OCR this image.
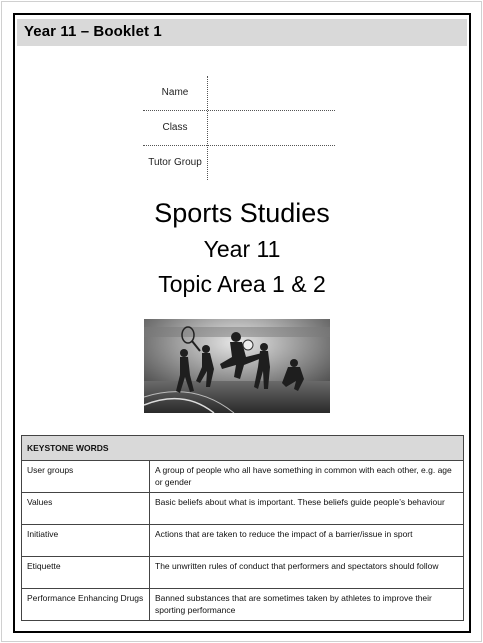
Year 11 – Booklet 1
Name
Class
Tutor Group
Sports Studies
Year 11
Topic Area 1 & 2
KEYSTONE WORDS	
User groups	A group of people who all have something in common with each other, e.g. age or gender
Values	Basic beliefs about what is important. These beliefs guide people’s behaviour
Initiative	Actions that are taken to reduce the impact of a barrier/issue in sport
Etiquette	The unwritten rules of conduct that performers and spectators should follow
Performance Enhancing Drugs	Banned substances that are sometimes taken by athletes to improve their sporting performance
